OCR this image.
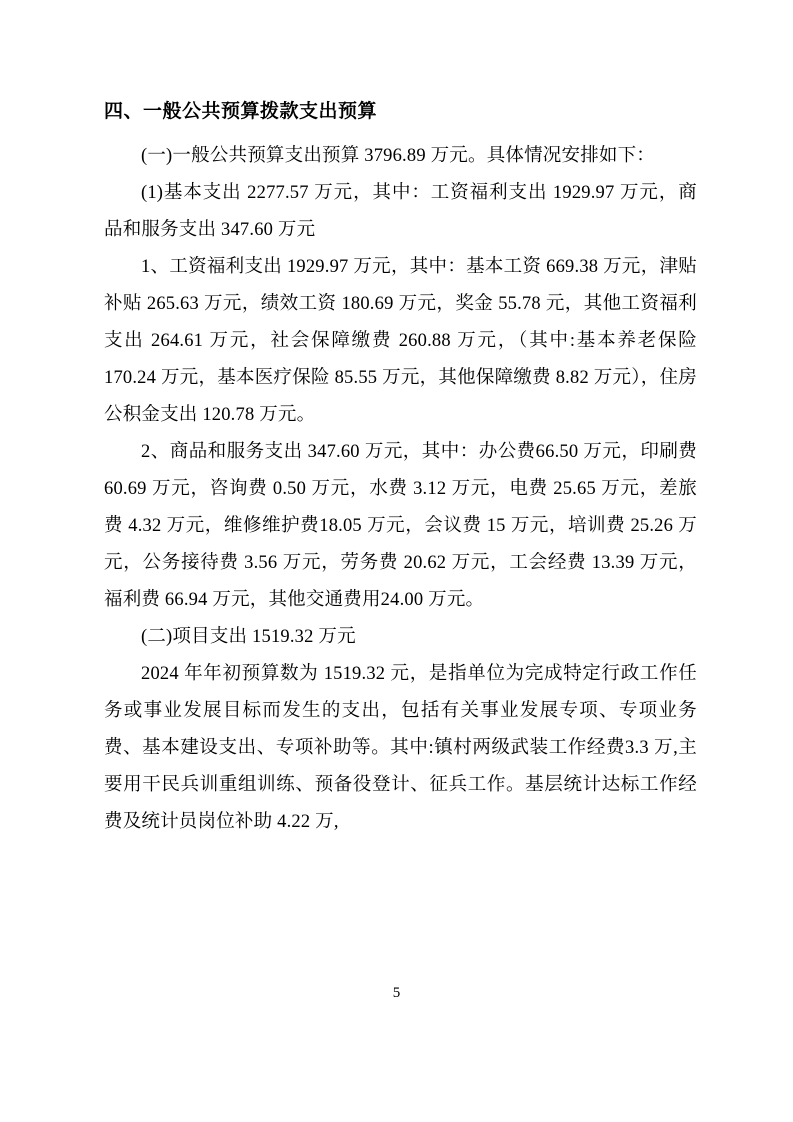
四、一般公共预算拨款支出预算

(一)一般公共预算支出预算 3796.89 万元。具体情况安排如下：

(1)基本支出 2277.57 万元，其中：工资福利支出 1929.97 万元，商品和服务支出 347.60 万元

1、工资福利支出 1929.97 万元，其中：基本工资 669.38 万元，津贴补贴 265.63 万元，绩效工资 180.69 万元，奖金 55.78 元，其他工资福利支出 264.61 万元，社会保障缴费 260.88 万元，（其中:基本养老保险170.24 万元，基本医疗保险 85.55 万元，其他保障缴费 8.82 万元），住房公积金支出 120.78 万元。

2、商品和服务支出 347.60 万元，其中：办公费66.50 万元，印刷费60.69 万元，咨询费 0.50 万元，水费 3.12 万元，电费 25.65 万元，差旅费 4.32 万元，维修维护费18.05 万元，会议费 15 万元，培训费 25.26 万元，公务接待费 3.56 万元，劳务费 20.62 万元，工会经费 13.39 万元，福利费 66.94 万元，其他交通费用24.00 万元。

(二)项目支出 1519.32 万元

2024 年年初预算数为 1519.32 元，是指单位为完成特定行政工作任务或事业发展目标而发生的支出，包括有关事业发展专项、专项业务费、基本建设支出、专项补助等。其中:镇村两级武装工作经费3.3 万,主要用干民兵训重组训练、预备役登计、征兵工作。基层统计达标工作经费及统计员岗位补助 4.22 万,

5
